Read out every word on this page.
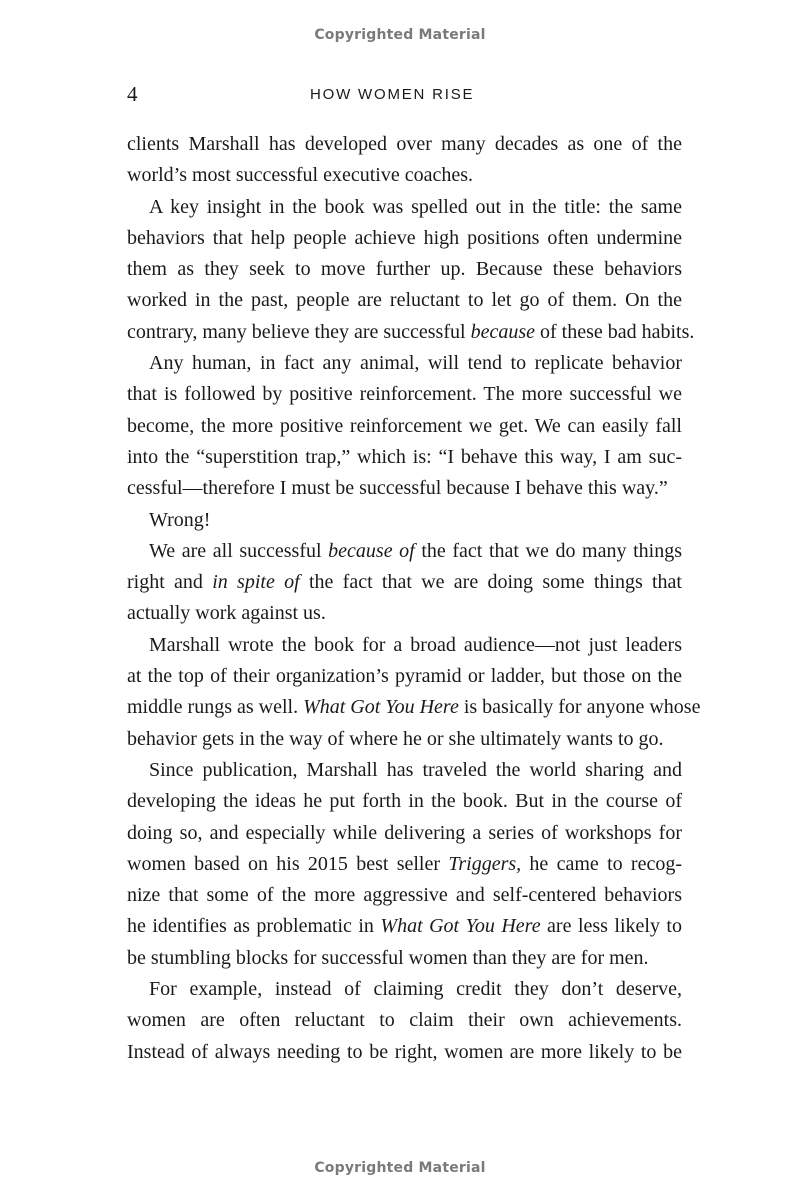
Copyrighted Material
4	HOW WOMEN RISE
clients Marshall has developed over many decades as one of the
world’s most successful executive coaches.
A key insight in the book was spelled out in the title: the same
behaviors that help people achieve high positions often undermine
them as they seek to move further up. Because these behaviors
worked in the past, people are reluctant to let go of them. On the
contrary, many believe they are successful because of these bad habits.
Any human, in fact any animal, will tend to replicate behavior
that is followed by positive reinforcement. The more successful we
become, the more positive reinforcement we get. We can easily fall
into the “superstition trap,” which is: “I behave this way, I am suc-
cessful—therefore I must be successful because I behave this way.”
Wrong!
We are all successful because of the fact that we do many things
right and in spite of the fact that we are doing some things that
actually work against us.
Marshall wrote the book for a broad audience—not just leaders
at the top of their organization’s pyramid or ladder, but those on the
middle rungs as well. What Got You Here is basically for anyone whose
behavior gets in the way of where he or she ultimately wants to go.
Since publication, Marshall has traveled the world sharing and
developing the ideas he put forth in the book. But in the course of
doing so, and especially while delivering a series of workshops for
women based on his 2015 best seller Triggers, he came to recog-
nize that some of the more aggressive and self-centered behaviors
he identifies as problematic in What Got You Here are less likely to
be stumbling blocks for successful women than they are for men.
For example, instead of claiming credit they don’t deserve,
women are often reluctant to claim their own achievements.
Instead of always needing to be right, women are more likely to be
Copyrighted Material
